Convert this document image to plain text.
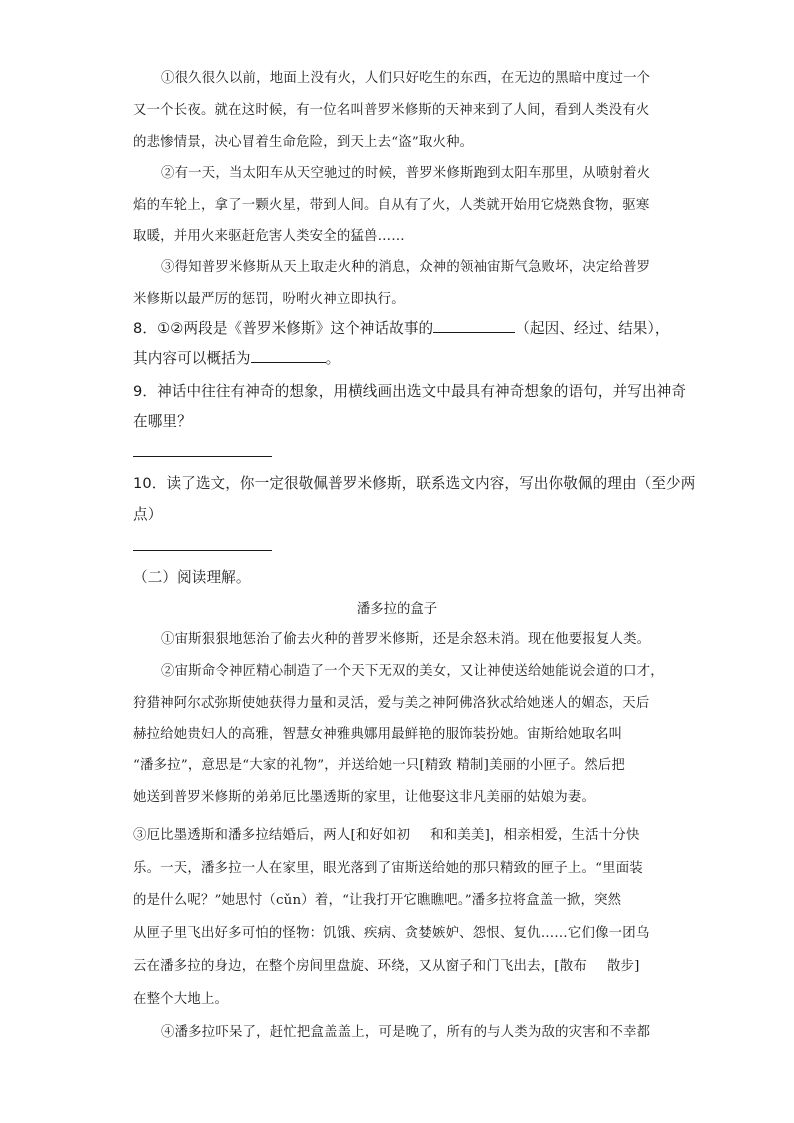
①很久很久以前，地面上没有火，人们只好吃生的东西，在无边的黑暗中度过一个
又一个长夜。就在这时候，有一位名叫普罗米修斯的天神来到了人间，看到人类没有火
的悲惨情景，决心冒着生命危险，到天上去“盗”取火种。
②有一天，当太阳车从天空驰过的时候，普罗米修斯跑到太阳车那里，从喷射着火
焰的车轮上，拿了一颗火星，带到人间。自从有了火，人类就开始用它烧熟食物，驱寒
取暖，并用火来驱赶危害人类安全的猛兽……
③得知普罗米修斯从天上取走火种的消息，众神的领袖宙斯气急败坏，决定给普罗
米修斯以最严厉的惩罚，吩咐火神立即执行。
8．①②两段是《普罗米修斯》这个神话故事的	（起因、经过、结果），
其内容可以概括为	。
9．神话中往往有神奇的想象，用横线画出选文中最具有神奇想象的语句，并写出神奇
在哪里？
10．读了选文，你一定很敬佩普罗米修斯，联系选文内容，写出你敬佩的理由（至少两
点）
（二）阅读理解。
潘多拉的盒子
①宙斯狠狠地惩治了偷去火种的普罗米修斯，还是余怒未消。现在他要报复人类。
②宙斯命令神匠精心制造了一个天下无双的美女，又让神使送给她能说会道的口才，
狩猎神阿尔忒弥斯使她获得力量和灵活，爱与美之神阿佛洛狄忒给她迷人的媚态，天后
赫拉给她贵妇人的高雅，智慧女神雅典娜用最鲜艳的服饰装扮她。宙斯给她取名叫
“潘多拉”，意思是“大家的礼物”，并送给她一只[精致 精制]美丽的小匣子。然后把
她送到普罗米修斯的弟弟厄比墨透斯的家里，让他娶这非凡美丽的姑娘为妻。
③厄比墨透斯和潘多拉结婚后，两人[和好如初 和和美美]，相亲相爱，生活十分快
乐。一天，潘多拉一人在家里，眼光落到了宙斯送给她的那只精致的匣子上。“里面装
的是什么呢？”她思忖（cǔn）着，“让我打开它瞧瞧吧。”潘多拉将盒盖一掀，突然
从匣子里飞出好多可怕的怪物：饥饿、疾病、贪婪嫉妒、怨恨、复仇……它们像一团乌
云在潘多拉的身边，在整个房间里盘旋、环绕，又从窗子和门飞出去，[散布 散步]
在整个大地上。
④潘多拉吓呆了，赶忙把盒盖盖上，可是晚了，所有的与人类为敌的灾害和不幸都
